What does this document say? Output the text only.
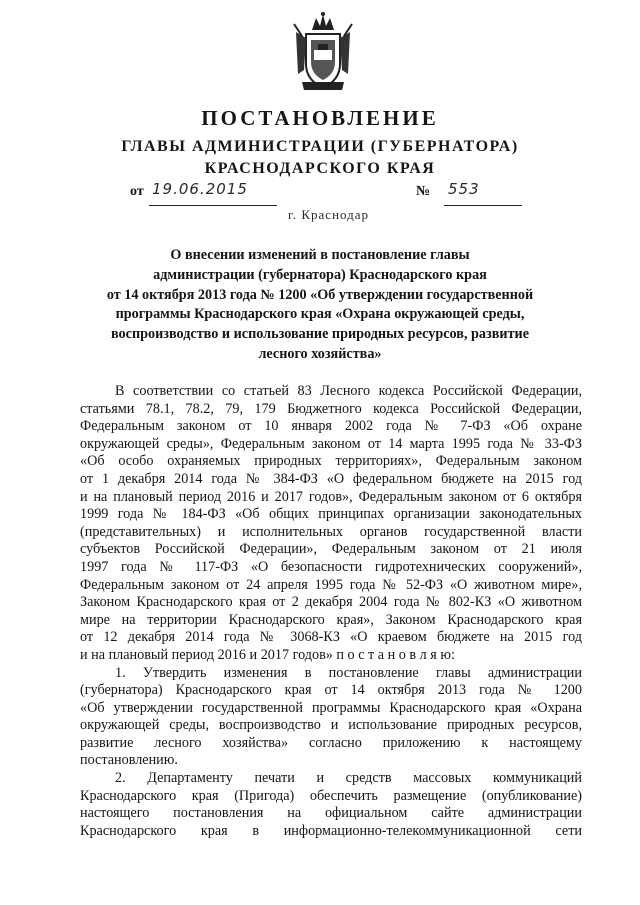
ПОСТАНОВЛЕНИЕ
ГЛАВЫ АДМИНИСТРАЦИИ (ГУБЕРНАТОРА)
КРАСНОДАРСКОГО КРАЯ
от 19.06.2015	№ 553
г. Краснодар
О внесении изменений в постановление главы
администрации (губернатора) Краснодарского края
от 14 октября 2013 года № 1200 «Об утверждении государственной
программы Краснодарского края «Охрана окружающей среды,
воспроизводство и использование природных ресурсов, развитие
лесного хозяйства»
В соответствии со статьей 83 Лесного кодекса Российской Федерации,
статьями 78.1, 78.2, 79, 179 Бюджетного кодекса Российской Федерации,
Федеральным законом от 10 января 2002 года № 7-ФЗ «Об охране
окружающей среды», Федеральным законом от 14 марта 1995 года № 33-ФЗ
«Об особо охраняемых природных территориях», Федеральным законом
от 1 декабря 2014 года № 384-ФЗ «О федеральном бюджете на 2015 год
и на плановый период 2016 и 2017 годов», Федеральным законом от 6 октября
1999 года № 184-ФЗ «Об общих принципах организации законодательных
(представительных) и исполнительных органов государственной власти
субъектов Российской Федерации», Федеральным законом от 21 июля
1997 года № 117-ФЗ «О безопасности гидротехнических сооружений»,
Федеральным законом от 24 апреля 1995 года № 52-ФЗ «О животном мире»,
Законом Краснодарского края от 2 декабря 2004 года № 802-КЗ «О животном
мире на территории Краснодарского края», Законом Краснодарского края
от 12 декабря 2014 года № 3068-КЗ «О краевом бюджете на 2015 год
и на плановый период 2016 и 2017 годов» п о с т а н о в л я ю:
1. Утвердить изменения в постановление главы администрации
(губернатора) Краснодарского края от 14 октября 2013 года № 1200
«Об утверждении государственной программы Краснодарского края «Охрана
окружающей среды, воспроизводство и использование природных ресурсов,
развитие лесного хозяйства» согласно приложению к настоящему
постановлению.
2. Департаменту печати и средств массовых коммуникаций
Краснодарского края (Пригода) обеспечить размещение (опубликование)
настоящего постановления на официальном сайте администрации
Краснодарского края в информационно-телекоммуникационной сети
